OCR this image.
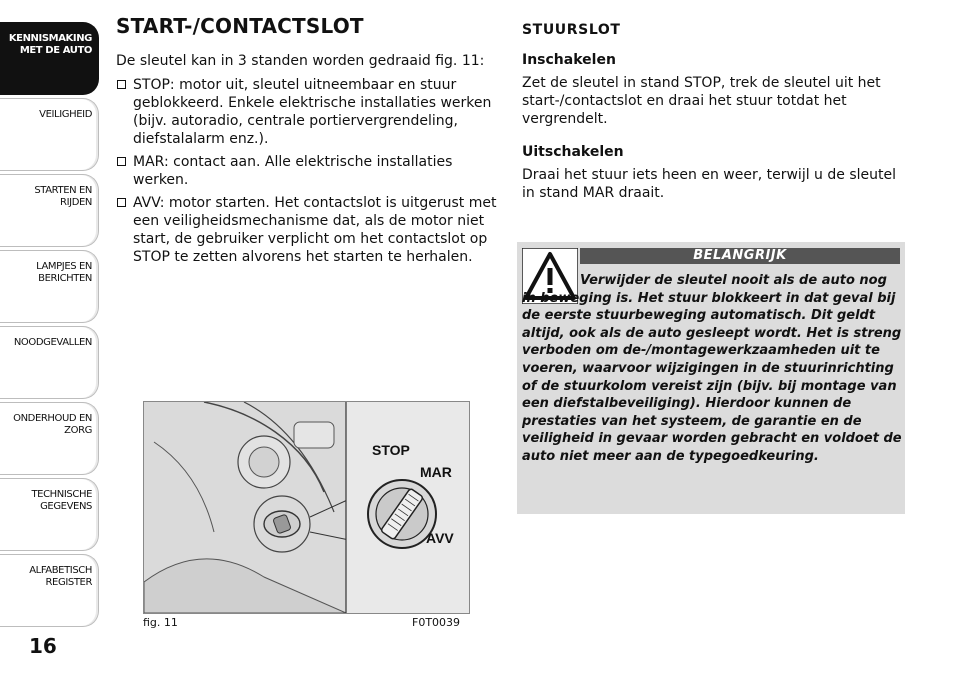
KENNISMAKING
MET DE AUTO
VEILIGHEID
STARTEN EN RIJDEN
LAMPJES EN
BERICHTEN
NOODGEVALLEN
ONDERHOUD EN
ZORG
TECHNISCHE
GEGEVENS
ALFABETISCH
REGISTER
16
START-/CONTACTSLOT

De sleutel kan in 3 standen worden gedraaid fig. 11:

STOP: motor uit, sleutel uitneembaar en stuur geblokkeerd. Enkele elektrische installaties werken (bijv. autoradio, centrale portiervergrendeling, diefstalalarm enz.).
MAR: contact aan. Alle elektrische installaties werken.
AVV: motor starten. Het contactslot is uitgerust met een veiligheidsmechanisme dat, als de motor niet start, de gebruiker verplicht om het contactslot op STOP te zetten alvorens het starten te herhalen.
STOP
MAR
AVV
fig. 11	F0T0039
STUURSLOT
Inschakelen

Zet de sleutel in stand STOP, trek de sleutel uit het start-/contactslot en draai het stuur totdat het vergrendelt.

Uitschakelen

Draai het stuur iets heen en weer, terwijl u de sleutel in stand MAR draait.

BELANGRIJK

Verwijder de sleutel nooit als de auto nog in beweging is. Het stuur blokkeert in dat geval bij de eerste stuurbeweging automatisch. Dit geldt altijd, ook als de auto gesleept wordt. Het is streng verboden om de-/montagewerkzaamheden uit te voeren, waarvoor wijzigingen in de stuurinrichting of de stuurkolom vereist zijn (bijv. bij montage van een diefstalbeveiliging). Hierdoor kunnen de prestaties van het systeem, de garantie en de veiligheid in gevaar worden gebracht en voldoet de auto niet meer aan de typegoedkeuring.
